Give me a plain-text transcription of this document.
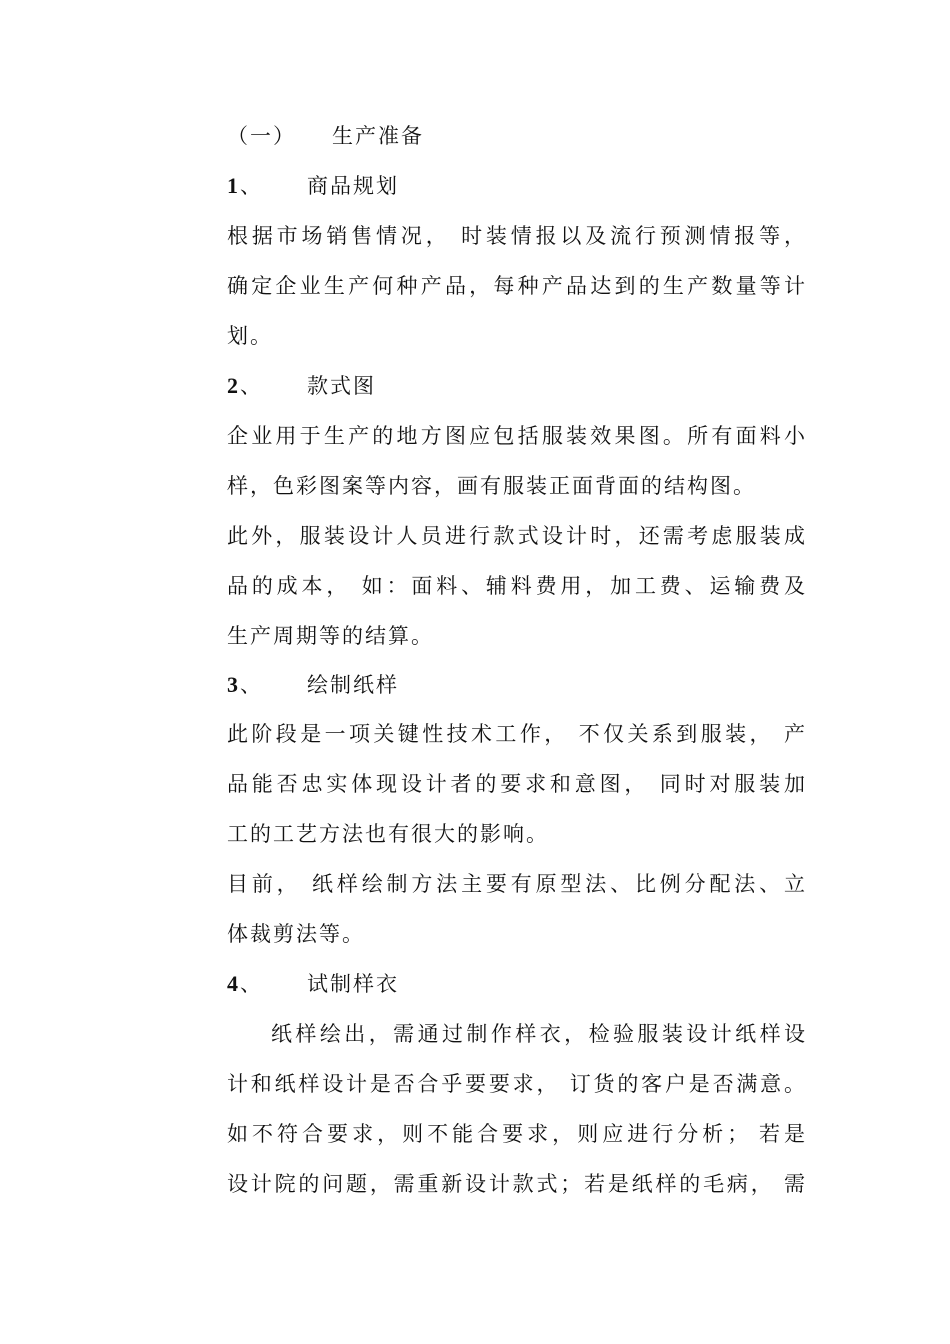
（一） 生产准备
1、 商品规划
根据市场销售情况， 时装情报以及流行预测情报等，
确定企业生产何种产品，每种产品达到的生产数量等计
划。
2、 款式图
企业用于生产的地方图应包括服装效果图。所有面料小
样，色彩图案等内容，画有服装正面背面的结构图。
此外，服装设计人员进行款式设计时，还需考虑服装成
品的成本， 如：面料、辅料费用，加工费、运输费及
生产周期等的结算。
3、 绘制纸样
此阶段是一项关键性技术工作， 不仅关系到服装， 产
品能否忠实体现设计者的要求和意图， 同时对服装加
工的工艺方法也有很大的影响。
目前， 纸样绘制方法主要有原型法、比例分配法、立
体裁剪法等。
4、 试制样衣
纸样绘出，需通过制作样衣，检验服装设计纸样设
计和纸样设计是否合乎要要求， 订货的客户是否满意。
如不符合要求，则不能合要求，则应进行分析； 若是
设计院的问题，需重新设计款式；若是纸样的毛病， 需
